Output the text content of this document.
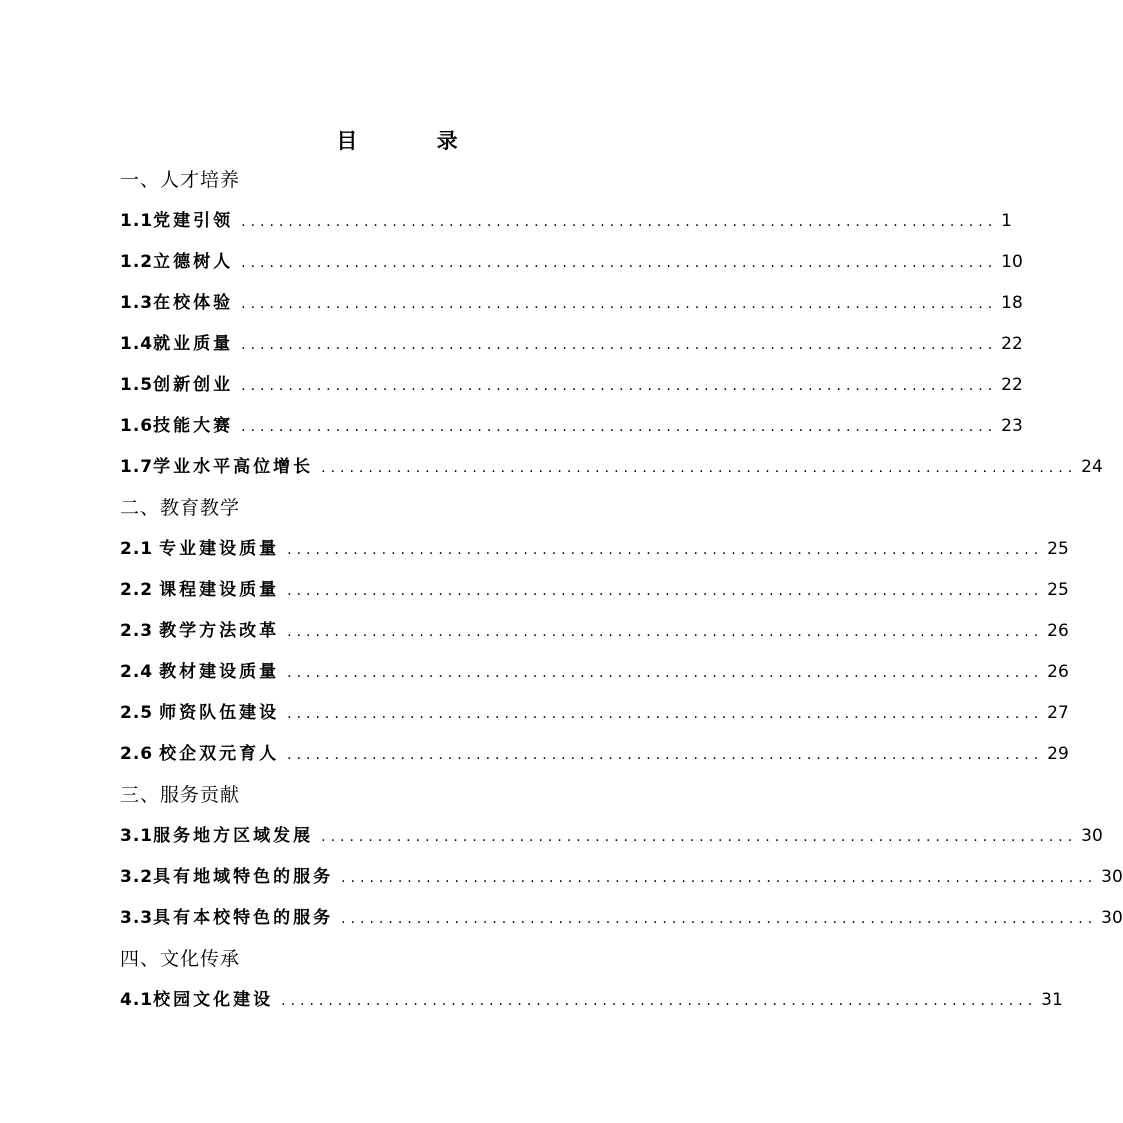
目 录
一、人才培养
1.1 党建引领 ................................................................................ 1
1.2 立德树人 ................................................................................ 10
1.3 在校体验 ................................................................................ 18
1.4 就业质量 ................................................................................ 22
1.5 创新创业 ................................................................................ 22
1.6 技能大赛 ................................................................................ 23
1.7 学业水平高位增长 ................................................................................ 24
二、教育教学
2.1 专业建设质量 ................................................................................ 25
2.2 课程建设质量 ................................................................................ 25
2.3 教学方法改革 ................................................................................ 26
2.4 教材建设质量 ................................................................................ 26
2.5 师资队伍建设 ................................................................................ 27
2.6 校企双元育人 ................................................................................ 29
三、服务贡献
3.1 服务地方区域发展 ................................................................................ 30
3.2 具有地域特色的服务 ................................................................................ 30
3.3 具有本校特色的服务 ................................................................................ 30
四、文化传承
4.1 校园文化建设 ................................................................................ 31
